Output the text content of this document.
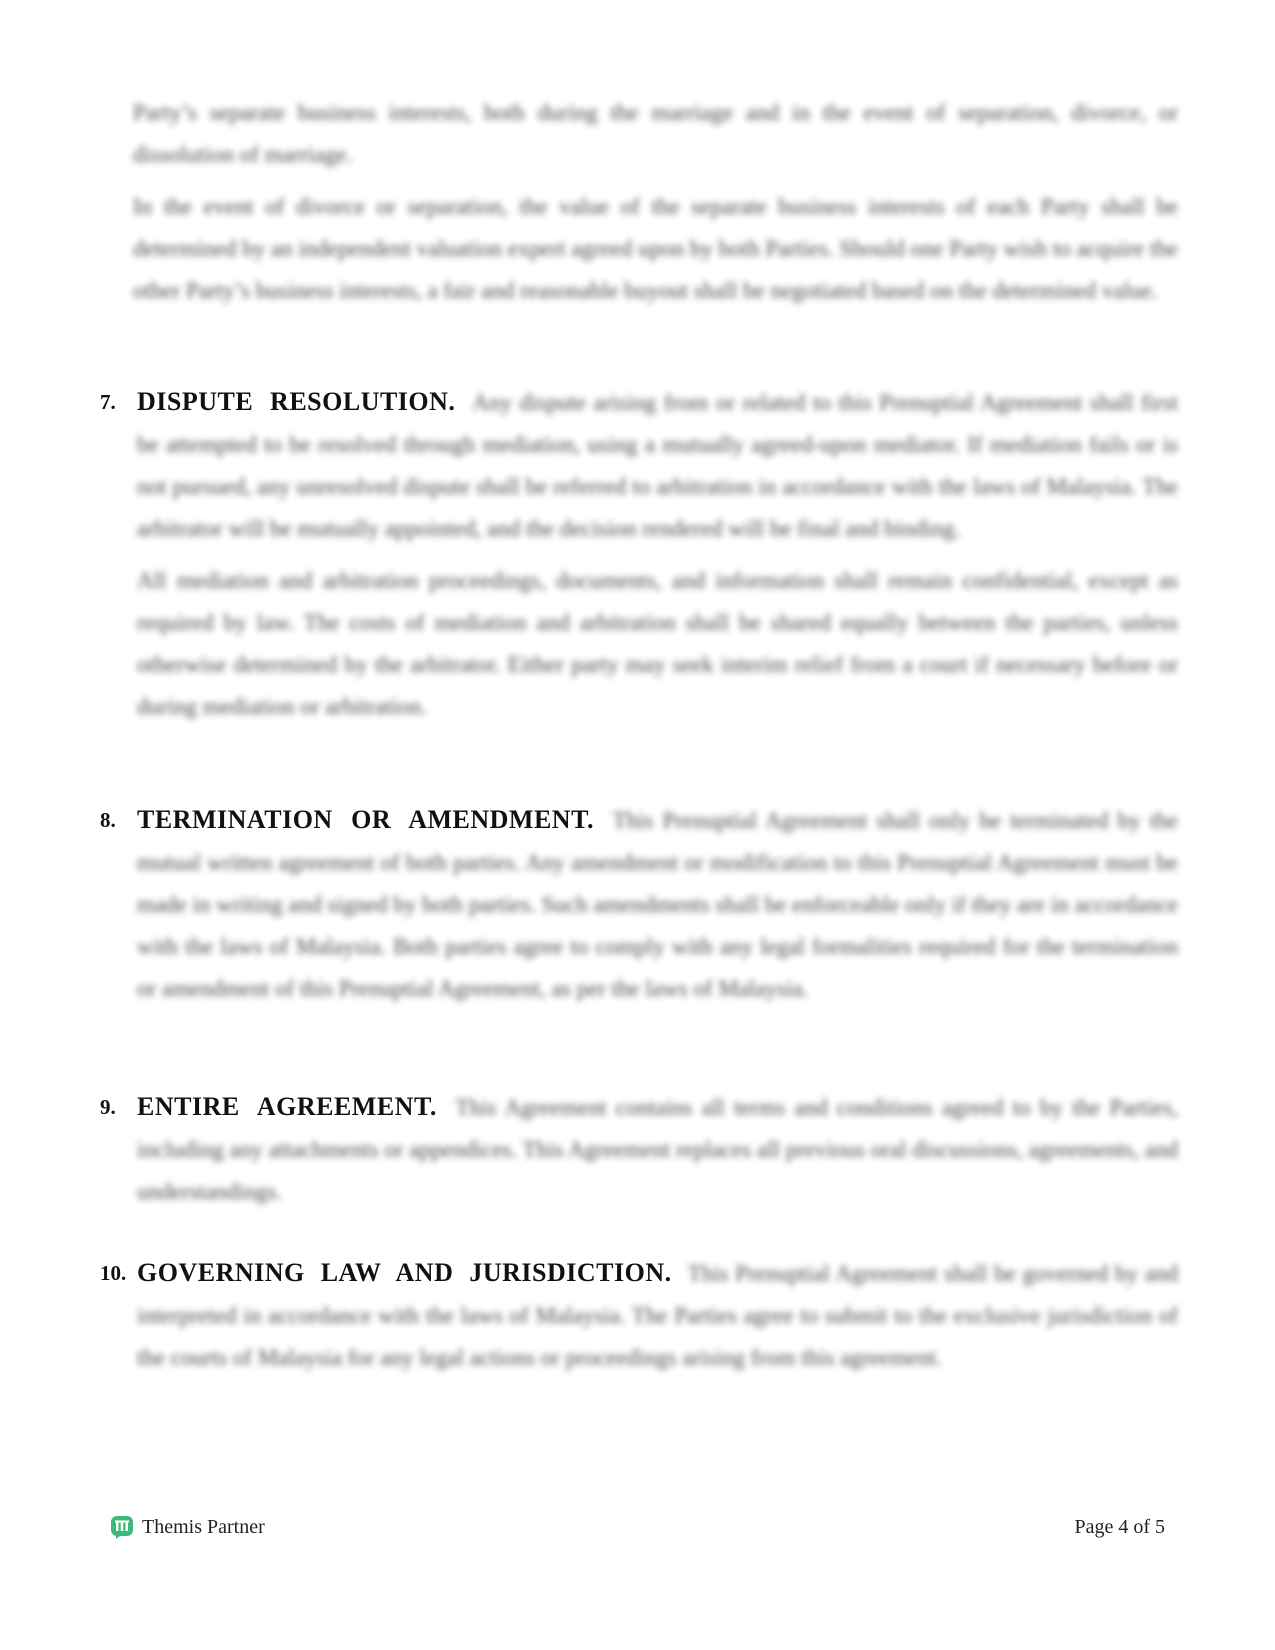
Party’s separate business interests, both during the marriage and in the event of separation, divorce, or dissolution of marriage.

In the event of divorce or separation, the value of the separate business interests of each Party shall be determined by an independent valuation expert agreed upon by both Parties. Should one Party wish to acquire the other Party’s business interests, a fair and reasonable buyout shall be negotiated based on the determined value.

7. DISPUTE RESOLUTION. Any dispute arising from or related to this Prenuptial Agreement shall first be attempted to be resolved through mediation, using a mutually agreed-upon mediator. If mediation fails or is not pursued, any unresolved dispute shall be referred to arbitration in accordance with the laws of Malaysia. The arbitrator will be mutually appointed, and the decision rendered will be final and binding.
All mediation and arbitration proceedings, documents, and information shall remain confidential, except as required by law. The costs of mediation and arbitration shall be shared equally between the parties, unless otherwise determined by the arbitrator. Either party may seek interim relief from a court if necessary before or during mediation or arbitration.
8. TERMINATION OR AMENDMENT. This Prenuptial Agreement shall only be terminated by the mutual written agreement of both parties. Any amendment or modification to this Prenuptial Agreement must be made in writing and signed by both parties. Such amendments shall be enforceable only if they are in accordance with the laws of Malaysia. Both parties agree to comply with any legal formalities required for the termination or amendment of this Prenuptial Agreement, as per the laws of Malaysia.
9. ENTIRE AGREEMENT. This Agreement contains all terms and conditions agreed to by the Parties, including any attachments or appendices. This Agreement replaces all previous oral discussions, agreements, and understandings.
10. GOVERNING LAW AND JURISDICTION. This Prenuptial Agreement shall be governed by and interpreted in accordance with the laws of Malaysia. The Parties agree to submit to the exclusive jurisdiction of the courts of Malaysia for any legal actions or proceedings arising from this agreement.
Themis Partner	Page 4 of 5
